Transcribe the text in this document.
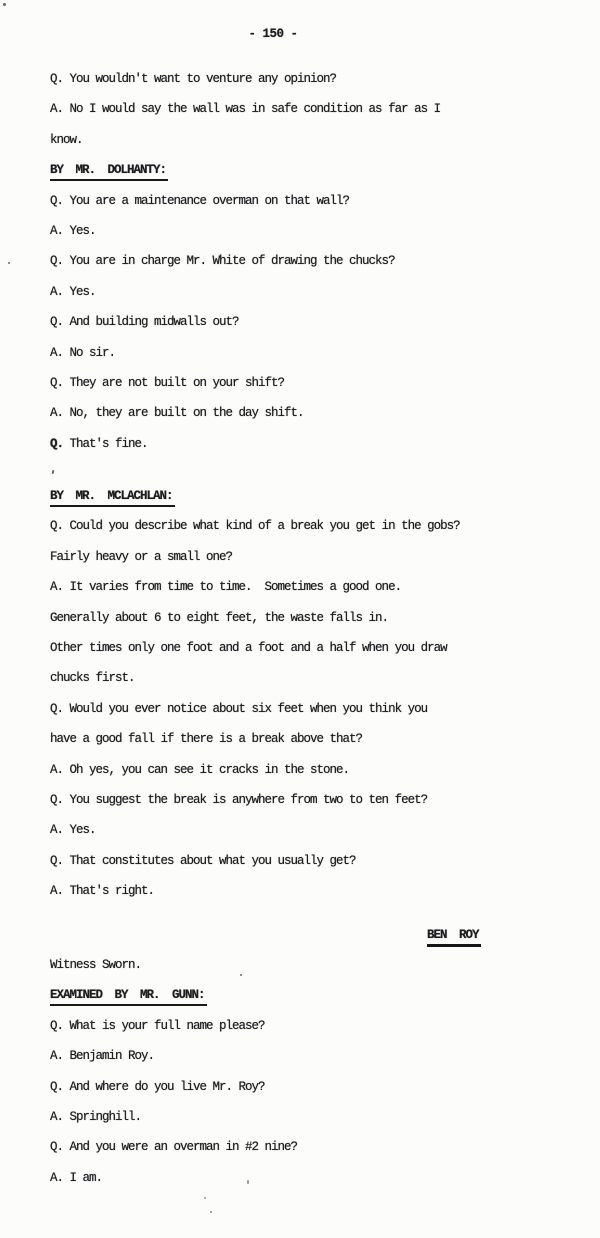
- 150 -
Q. You wouldn't want to venture any opinion?
A. No I would say the wall was in safe condition as far as I
know.
BY MR. DOLHANTY:
Q. You are a maintenance overman on that wall?
A. Yes.
Q. You are in charge Mr. White of drawing the chucks?
A. Yes.
Q. And building midwalls out?
A. No sir.
Q. They are not built on your shift?
A. No, they are built on the day shift.
Q. That's fine.
BY MR. MCLACHLAN:
Q. Could you describe what kind of a break you get in the gobs?
Fairly heavy or a small one?
A. It varies from time to time.  Sometimes a good one.
Generally about 6 to eight feet, the waste falls in.
Other times only one foot and a foot and a half when you draw
chucks first.
Q. Would you ever notice about six feet when you think you
have a good fall if there is a break above that?
A. Oh yes, you can see it cracks in the stone.
Q. You suggest the break is anywhere from two to ten feet?
A. Yes.
Q. That constitutes about what you usually get?
A. That's right.
BEN ROY
Witness Sworn.
EXAMINED BY MR. GUNN:
Q. What is your full name please?
A. Benjamin Roy.
Q. And where do you live Mr. Roy?
A. Springhill.
Q. And you were an overman in #2 nine?
A. I am.
